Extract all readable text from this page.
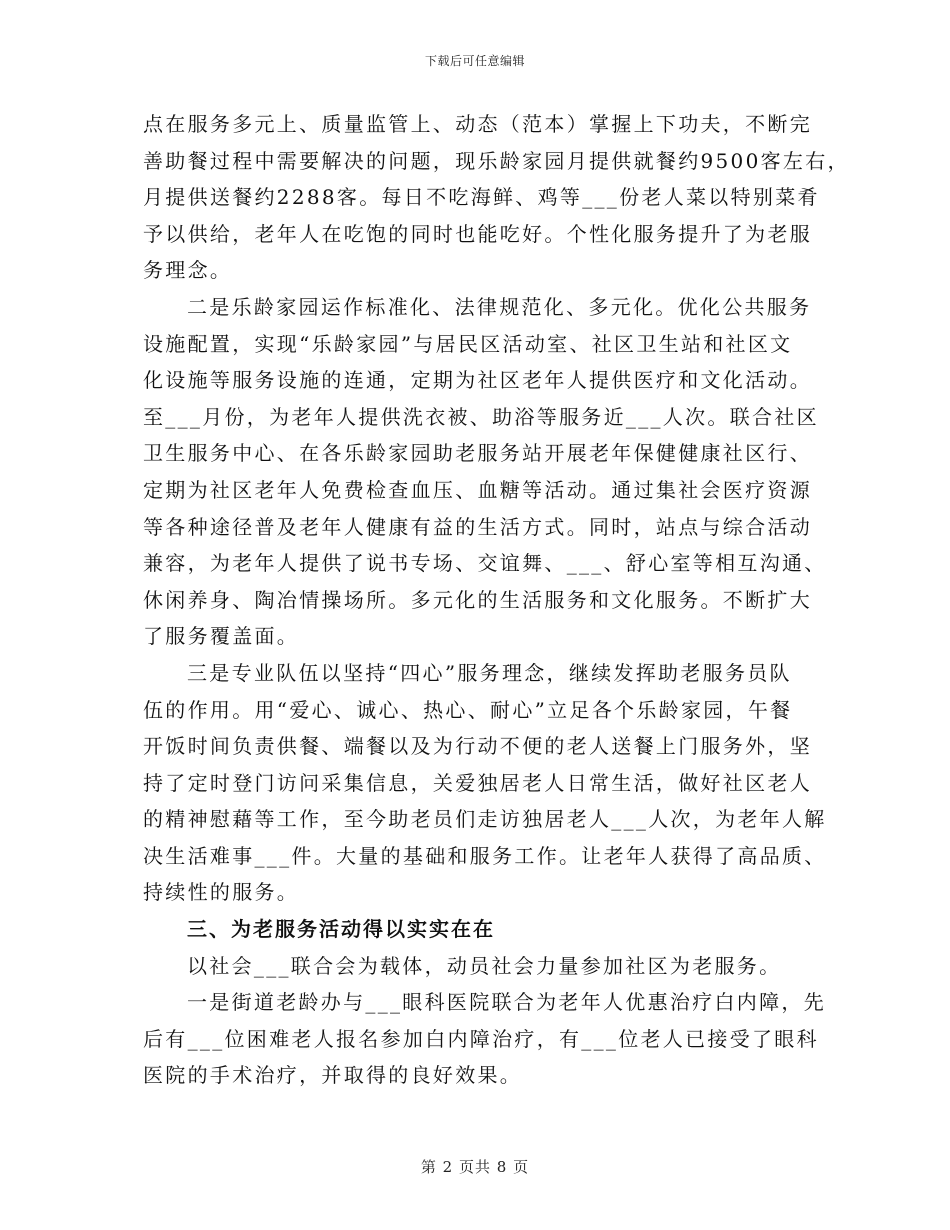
下载后可任意编辑
点在服务多元上、质量监管上、动态（范本）掌握上下功夫，不断完
善助餐过程中需要解决的问题，现乐龄家园月提供就餐约9500客左右，
月提供送餐约2288客。每日不吃海鲜、鸡等___份老人菜以特别菜肴
予以供给，老年人在吃饱的同时也能吃好。个性化服务提升了为老服
务理念。
二是乐龄家园运作标准化、法律规范化、多元化。优化公共服务
设施配置，实现“乐龄家园”与居民区活动室、社区卫生站和社区文
化设施等服务设施的连通，定期为社区老年人提供医疗和文化活动。
至___月份，为老年人提供洗衣被、助浴等服务近___人次。联合社区
卫生服务中心、在各乐龄家园助老服务站开展老年保健健康社区行、
定期为社区老年人免费检查血压、血糖等活动。通过集社会医疗资源
等各种途径普及老年人健康有益的生活方式。同时，站点与综合活动
兼容，为老年人提供了说书专场、交谊舞、___、舒心室等相互沟通、
休闲养身、陶冶情操场所。多元化的生活服务和文化服务。不断扩大
了服务覆盖面。
三是专业队伍以坚持“四心”服务理念，继续发挥助老服务员队
伍的作用。用“爱心、诚心、热心、耐心”立足各个乐龄家园，午餐
开饭时间负责供餐、端餐以及为行动不便的老人送餐上门服务外，坚
持了定时登门访问采集信息，关爱独居老人日常生活，做好社区老人
的精神慰藉等工作，至今助老员们走访独居老人___人次，为老年人解
决生活难事___件。大量的基础和服务工作。让老年人获得了高品质、
持续性的服务。
三、为老服务活动得以实实在在
以社会___联合会为载体，动员社会力量参加社区为老服务。
一是街道老龄办与___眼科医院联合为老年人优惠治疗白内障，先
后有___位困难老人报名参加白内障治疗，有___位老人已接受了眼科
医院的手术治疗，并取得的良好效果。
第 2 页共 8 页
